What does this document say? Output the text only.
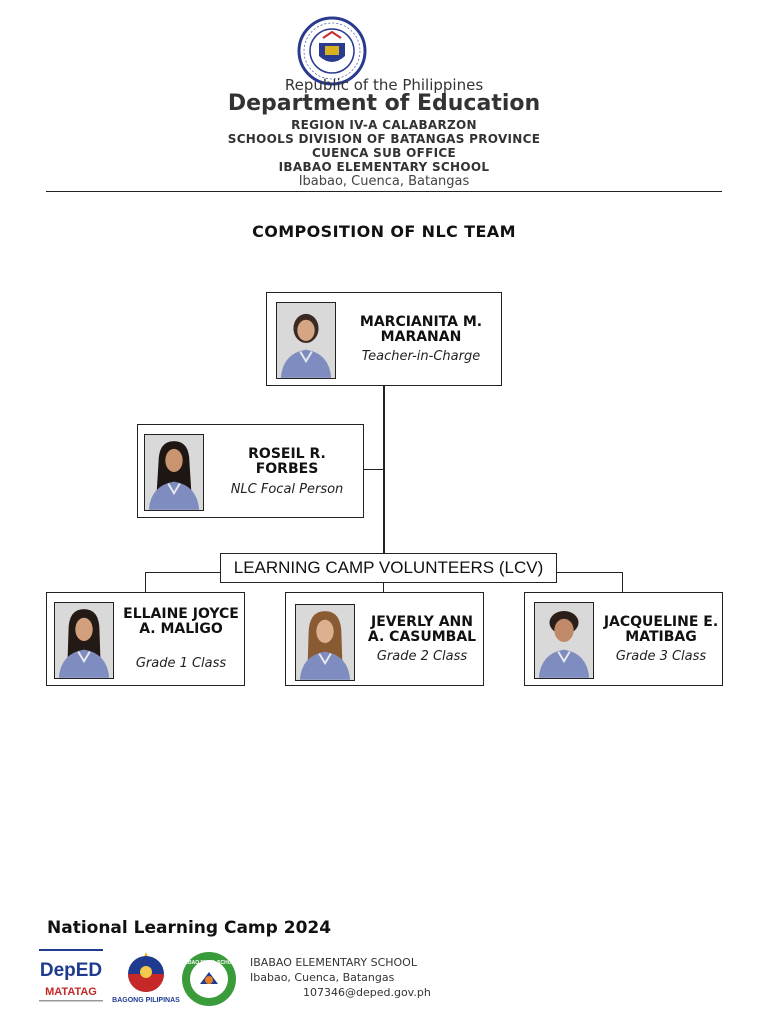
Republic of the Philippines
Department of Education
REGION IV-A CALABARZON
SCHOOLS DIVISION OF BATANGAS PROVINCE
CUENCA SUB OFFICE
IBABAO ELEMENTARY SCHOOL
Ibabao, Cuenca, Batangas
COMPOSITION OF NLC TEAM
MARCIANITA M. MARANAN
Teacher-in-Charge
ROSEIL R. FORBES
NLC Focal Person
LEARNING CAMP VOLUNTEERS (LCV)
ELLAINE JOYCE A. MALIGO
Grade 1 Class
JEVERLY ANN A. CASUMBAL
Grade 2 Class
JACQUELINE E. MATIBAG
Grade 3 Class
National Learning Camp 2024
DepED
MATATAG
BAGONG PILIPINAS
IBABAO ELEM. SCHOOL IBABAO ELEMENTARY SCHOOL
Ibabao, Cuenca, Batangas
107346@deped.gov.ph
